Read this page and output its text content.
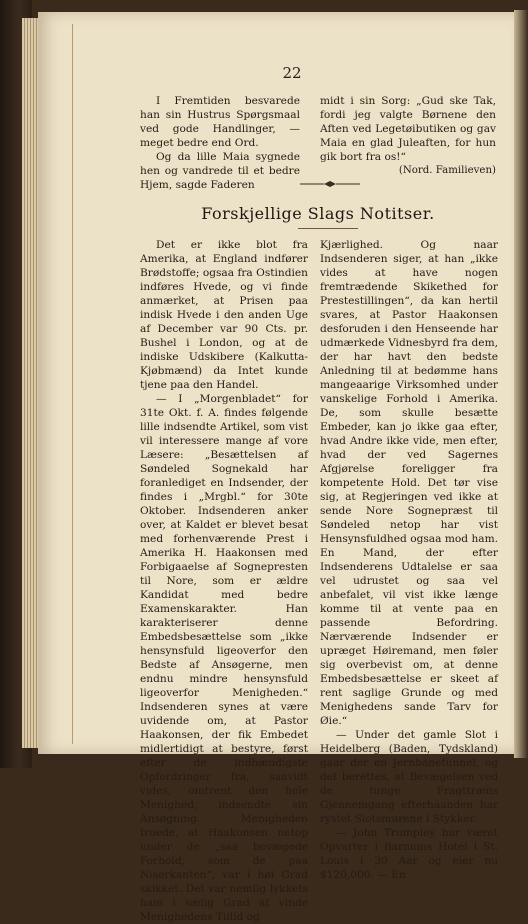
22

I Fremtiden besvarede han sin Hustrus Spørgsmaal ved gode Handlinger, — meget bedre end Ord.

Og da lille Maia sygnede hen og vandrede til et bedre Hjem, sagde Faderen

midt i sin Sorg: „Gud ske Tak, fordi jeg valgte Børnene den Aften ved Legetøibutiken og gav Maia en glad Juleaften, for hun gik bort fra os!“

(Nord. Familieven)

Forskjellige Slags Notitser.

Det er ikke blot fra Amerika, at England indfører Brødstoffe; ogsaa fra Ostindien indføres Hvede, og vi finde anmærket, at Prisen paa indisk Hvede i den anden Uge af December var 90 Cts. pr. Bushel i London, og at de indiske Udskibere (Kalkutta-Kjøbmænd) da Intet kunde tjene paa den Handel.

— I „Morgenbladet“ for 31te Okt. f. A. findes følgende lille indsendte Artikel, som vist vil interessere mange af vore Læsere: „Besættelsen af Søndeled Sognekald har foranlediget en Indsender, der findes i „Mrgbl.“ for 30te Oktober. Indsenderen anker over, at Kaldet er blevet besat med forhenværende Prest i Amerika H. Haakonsen med Forbigaaelse af Sognepresten til Nore, som er ældre Kandidat med bedre Examenskarakter. Han karakteriserer denne Embedsbesættelse som „ikke hensynsfuld ligeoverfor den Bedste af Ansøgerne, men endnu mindre hensynsfuld ligeoverfor Menigheden.“ Indsenderen synes at være uvidende om, at Pastor Haakonsen, der fik Embedet midlertidigt at bestyre, først efter de indhændigste Opfordringer fra, saavidt vides, omtrent den hele Menighed, indsendte sin Ansøgning. Menigheden troede, at Haakonsen netop under de „saa bevægede Forhold, som de paa Nisørkanten“, var i høi Grad skikket. Det var nemlig lykkets ham i sælig Grad at vinde Menighedens Tillid og

Kjærlighed. Og naar Indsenderen siger, at han „ikke vides at have nogen fremtrædende Skikethed for Prestestillingen“, da kan hertil svares, at Pastor Haakonsen desforuden i den Henseende har udmærkede Vidnesbyrd fra dem, der har havt den bedste Anledning til at bedømme hans mangeaarige Virksomhed under vanskelige Forhold i Amerika. De, som skulle besætte Embeder, kan jo ikke gaa efter, hvad Andre ikke vide, men efter, hvad der ved Sagernes Afgjørelse foreligger fra kompetente Hold. Det tør vise sig, at Regjeringen ved ikke at sende Nore Sognepræst til Søndeled netop har vist Hensynsfuldhed ogsaa mod ham. En Mand, der efter Indsenderens Udtalelse er saa vel udrustet og saa vel anbefalet, vil vist ikke længe komme til at vente paa en passende Befordring. Nærværende Indsender er upræget Høiremand, men føler sig overbevist om, at denne Embedsbesættelse er skeet af rent saglige Grunde og med Menighedens sande Tarv for Øie.“

— Under det gamle Slot i Heidelberg (Baden, Tydskland) gaar der en Jernbanetunnel, og det berettes, at Bevægelsen ved de tunge Fragttræns Gjennemgang efterhaanden har rystet Slotsmurene i Stykker.

— John Trumpley har været Opvarter i Barnums Hotel i St. Louis i 30 Aar og eier nu $120,000. — En
